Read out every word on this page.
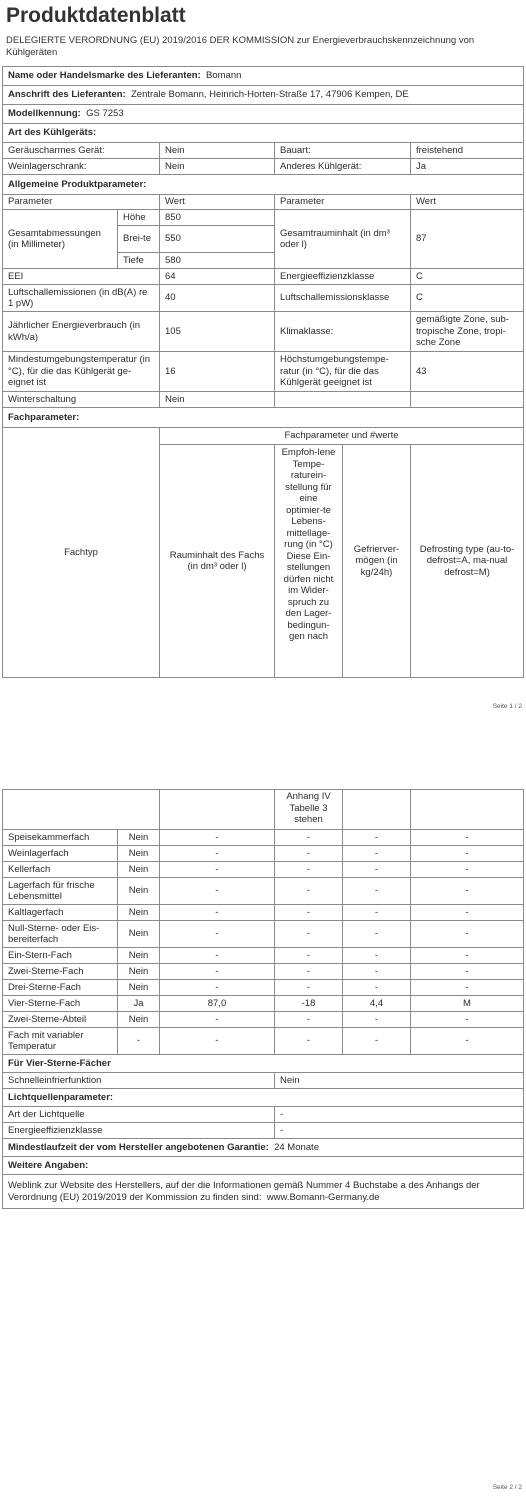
Produktdatenblatt
DELEGIERTE VERORDNUNG (EU) 2019/2016 DER KOMMISSION zur Energieverbrauchskennzeichnung von Kühlgeräten
Name oder Handelsmarke des Lieferanten: Bomann					
Anschrift des Lieferanten: Zentrale Bomann, Heinrich-Horten-Straße 17, 47906 Kempen, DE					
Modellkennung: GS 7253					
Art des Kühlgeräts:					
Geräuscharmes Gerät:		Nein	Bauart:		freistehend
Weinlagerschrank:		Nein	Anderes Kühlgerät:		Ja
Allgemeine Produktparameter:					
Parameter		Wert	Parameter		Wert
Gesamtabmessungen (in Millimeter)	Höhe	850	Gesamtrauminhalt (in dm³ oder l)		87
	Brei-te	550			
	Tiefe	580			
EEI		64	Energieeffizienzklasse		C
Luftschallemissionen (in dB(A) re 1 pW)		40	Luftschallemissionsklasse		C
Jährlicher Energieverbrauch (in kWh/a)		105	Klimaklasse:		gemäßigte Zone, sub-tropische Zone, tropi-sche Zone
Mindestumgebungstemperatur (in °C), für die das Kühlgerät ge-eignet ist		16	Höchstumgebungstempe-ratur (in °C), für die das Kühlgerät geeignet ist		43
Winterschaltung		Nein			
Fachparameter:					
Fachtyp		Fachparameter und #werte			
		Rauminhalt des Fachs (in dm³ oder l)	Empfoh-lene Tempe-raturein-stellung für eine optimier-te Lebens-mittellage-rung (in °C) Diese Ein-stellungen dürfen nicht im Wider-spruch zu den Lager-bedingun-gen nach	Gefrierver-mögen (in kg/24h)	Defrosting type (au-to-defrost=A, ma-nual defrost=M)
Seite 1 / 2
			Anhang IV Tabelle 3 stehen		
Speisekammerfach	Nein	-	-	-	-
Weinlagerfach	Nein	-	-	-	-
Kellerfach	Nein	-	-	-	-
Lagerfach für frische Lebensmittel	Nein	-	-	-	-
Kaltlagerfach	Nein	-	-	-	-
Null-Sterne- oder Eis-bereiterfach	Nein	-	-	-	-
Ein-Stern-Fach	Nein	-	-	-	-
Zwei-Sterne-Fach	Nein	-	-	-	-
Drei-Sterne-Fach	Nein	-	-	-	-
Vier-Sterne-Fach	Ja	87,0	-18	4,4	M
Zwei-Sterne-Abteil	Nein	-	-	-	-
Fach mit variabler Temperatur	-	-	-	-	-
Für Vier-Sterne-Fächer					
Schnelleinfrierfunktion			Nein		
Lichtquellenparameter:					
Art der Lichtquelle			-		
Energieeffizienzklasse			-		
Mindestlaufzeit der vom Hersteller angebotenen Garantie: 24 Monate					
Weitere Angaben:					
Weblink zur Website des Herstellers, auf der die Informationen gemäß Nummer 4 Buchstabe a des Anhangs der Verordnung (EU) 2019/2019 der Kommission zu finden sind: www.Bomann-Germany.de					
Seite 2 / 2
